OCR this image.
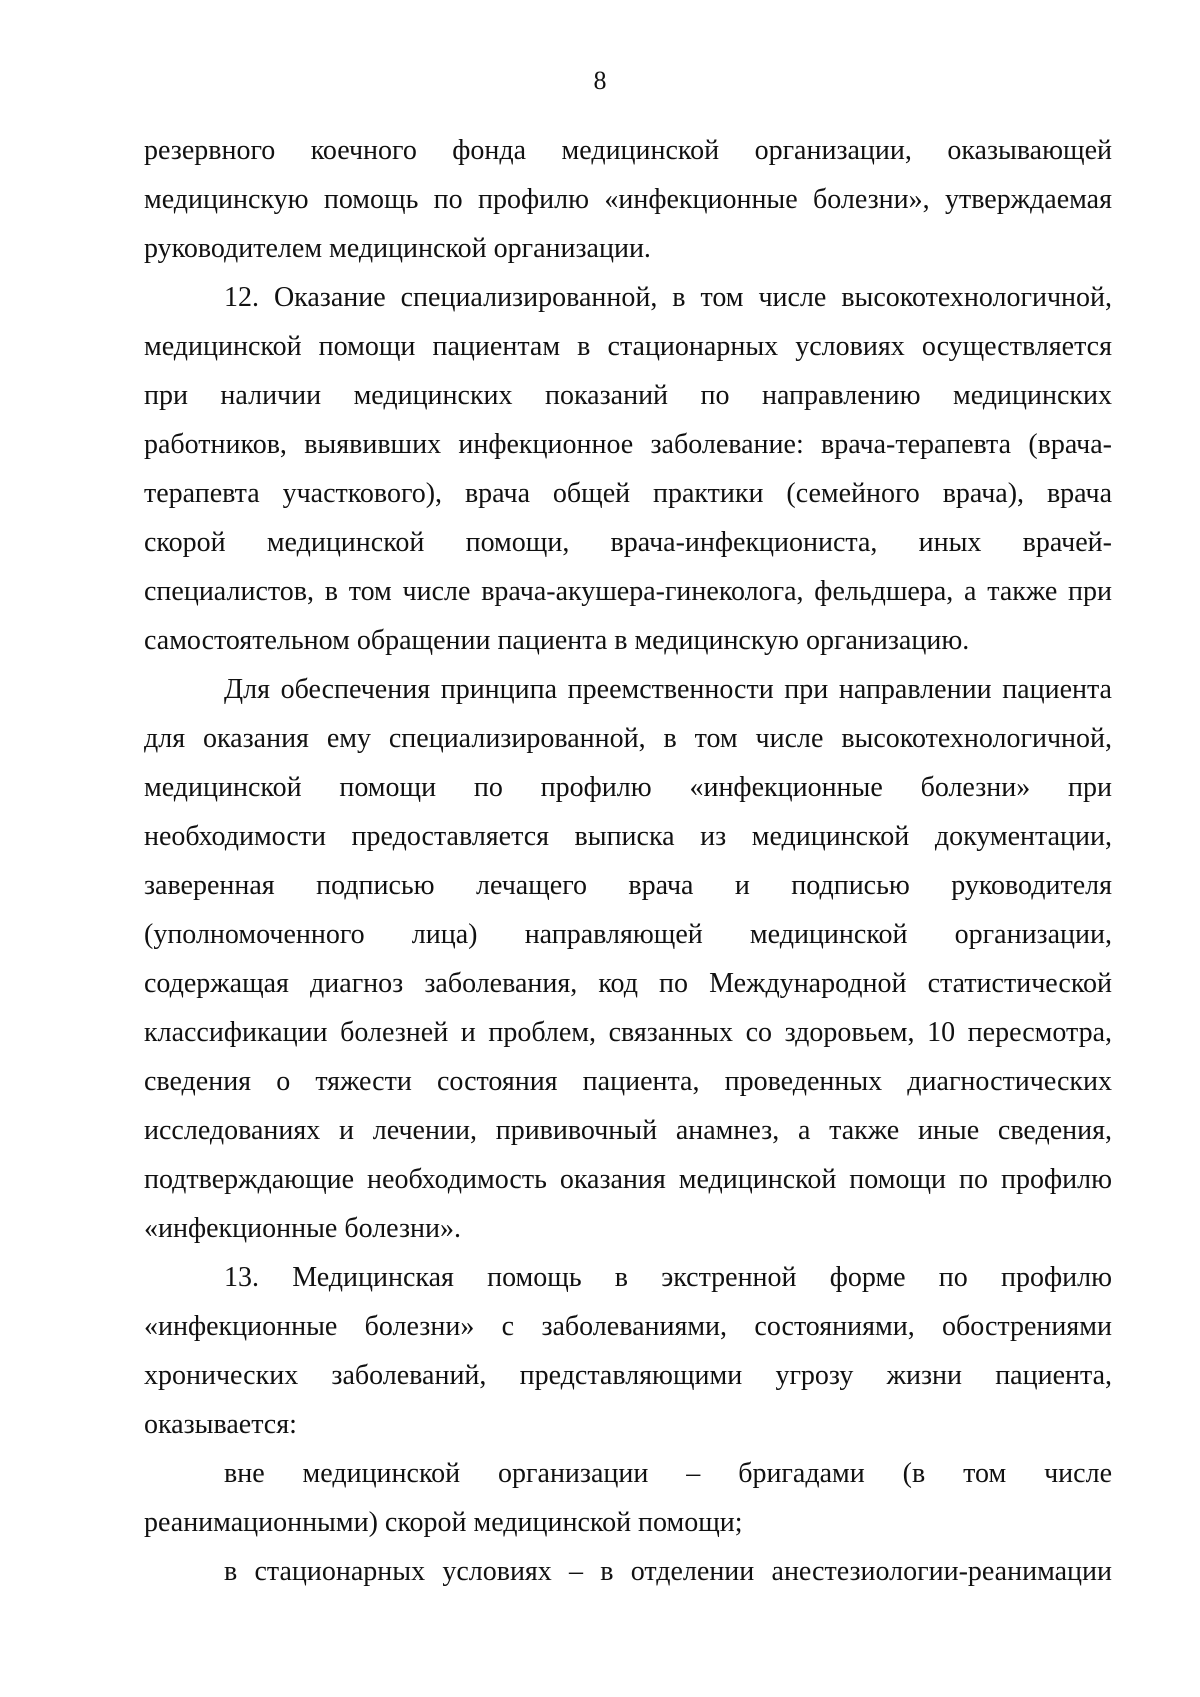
8
резервного коечного фонда медицинской организации, оказывающей
медицинскую помощь по профилю «инфекционные болезни», утверждаемая
руководителем медицинской организации.
12. Оказание специализированной, в том числе высокотехнологичной,
медицинской помощи пациентам в стационарных условиях осуществляется
при наличии медицинских показаний по направлению медицинских
работников, выявивших инфекционное заболевание: врача-терапевта (врача-
терапевта участкового), врача общей практики (семейного врача), врача
скорой медицинской помощи, врача-инфекциониста, иных врачей-
специалистов, в том числе врача-акушера-гинеколога, фельдшера, а также при
самостоятельном обращении пациента в медицинскую организацию.
Для обеспечения принципа преемственности при направлении пациента
для оказания ему специализированной, в том числе высокотехнологичной,
медицинской помощи по профилю «инфекционные болезни» при
необходимости предоставляется выписка из медицинской документации,
заверенная подписью лечащего врача и подписью руководителя
(уполномоченного лица) направляющей медицинской организации,
содержащая диагноз заболевания, код по Международной статистической
классификации болезней и проблем, связанных со здоровьем, 10 пересмотра,
сведения о тяжести состояния пациента, проведенных диагностических
исследованиях и лечении, прививочный анамнез, а также иные сведения,
подтверждающие необходимость оказания медицинской помощи по профилю
«инфекционные болезни».
13. Медицинская помощь в экстренной форме по профилю
«инфекционные болезни» с заболеваниями, состояниями, обострениями
хронических заболеваний, представляющими угрозу жизни пациента,
оказывается:
вне медицинской организации – бригадами (в том числе
реанимационными) скорой медицинской помощи;
в стационарных условиях – в отделении анестезиологии-реанимации
